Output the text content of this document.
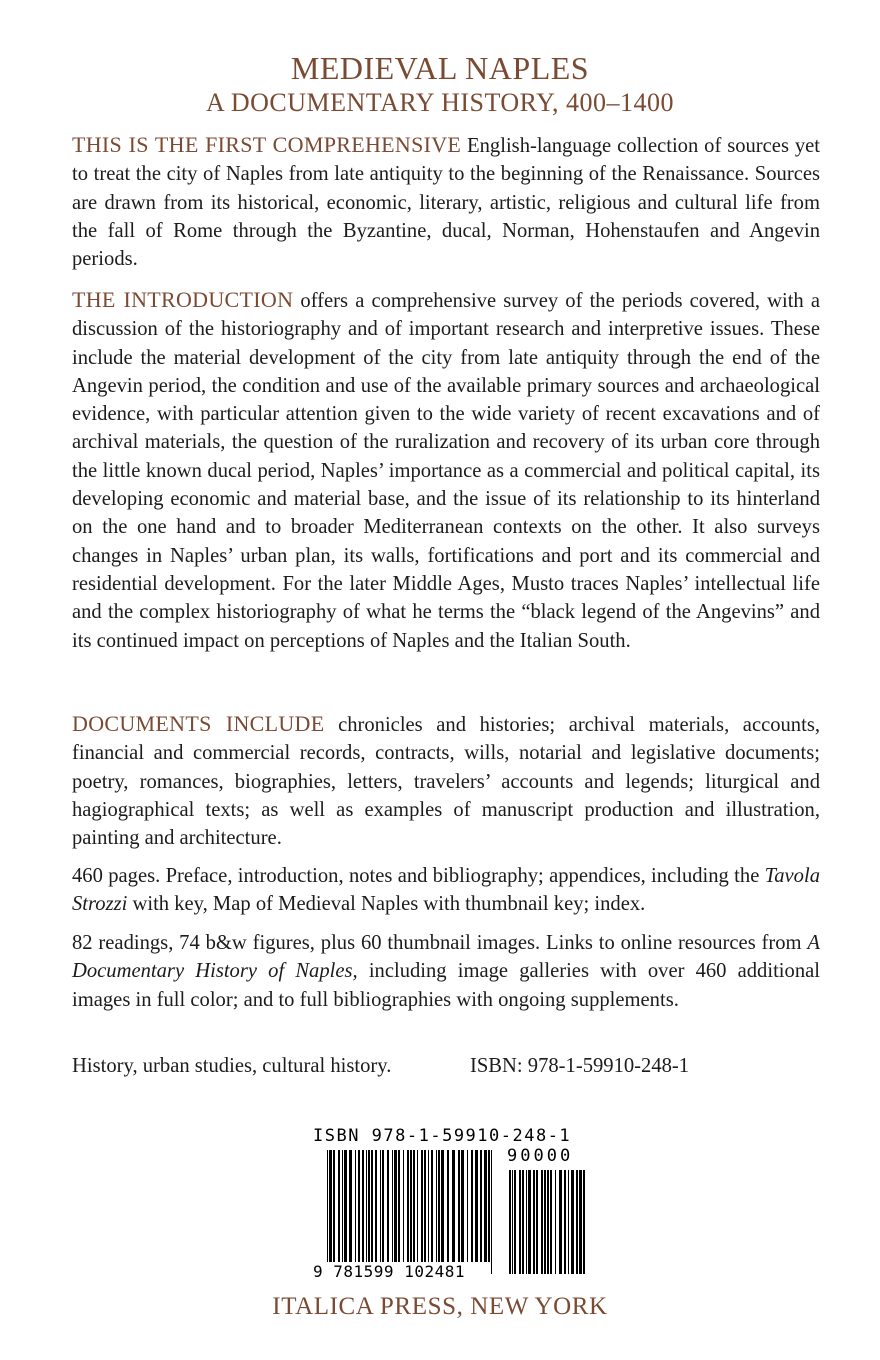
MEDIEVAL NAPLES
A DOCUMENTARY HISTORY, 400–1400
THIS IS THE FIRST COMPREHENSIVE English-language collection of sources yet to treat the city of Naples from late antiquity to the beginning of the Renaissance. Sources are drawn from its historical, economic, literary, artistic, religious and cultural life from the fall of Rome through the Byzantine, ducal, Norman, Hohenstaufen and Angevin periods.
THE INTRODUCTION offers a comprehensive survey of the periods covered, with a discussion of the historiography and of important research and interpretive issues. These include the material development of the city from late antiquity through the end of the Angevin period, the condition and use of the available primary sources and archaeological evidence, with particular attention given to the wide variety of recent excavations and of archival materials, the question of the ruralization and recovery of its urban core through the little known ducal period, Naples’ importance as a commercial and political capital, its developing economic and material base, and the issue of its relationship to its hinterland on the one hand and to broader Mediterranean contexts on the other. It also surveys changes in Naples’ urban plan, its walls, fortifications and port and its commercial and residential development. For the later Middle Ages, Musto traces Naples’ intellectual life and the complex historiography of what he terms the “black legend of the Angevins” and its continued impact on perceptions of Naples and the Italian South.
DOCUMENTS INCLUDE chronicles and histories; archival materials, accounts, financial and commercial records, contracts, wills, notarial and legislative documents; poetry, romances, biographies, letters, travelers’ accounts and legends; liturgical and hagiographical texts; as well as examples of manuscript production and illustration, painting and architecture.
460 pages. Preface, introduction, notes and bibliography; appendices, including the Tavola Strozzi with key, Map of Medieval Naples with thumbnail key; index.
82 readings, 74 b&w figures, plus 60 thumbnail images. Links to online resources from A Documentary History of Naples, including image galleries with over 460 additional images in full color; and to full bibliographies with ongoing supplements.
History, urban studies, cultural history.	ISBN: 978-1-59910-248-1
ISBN 978-1-59910-248-1
90000
9 781599 102481
ITALICA PRESS, NEW YORK
